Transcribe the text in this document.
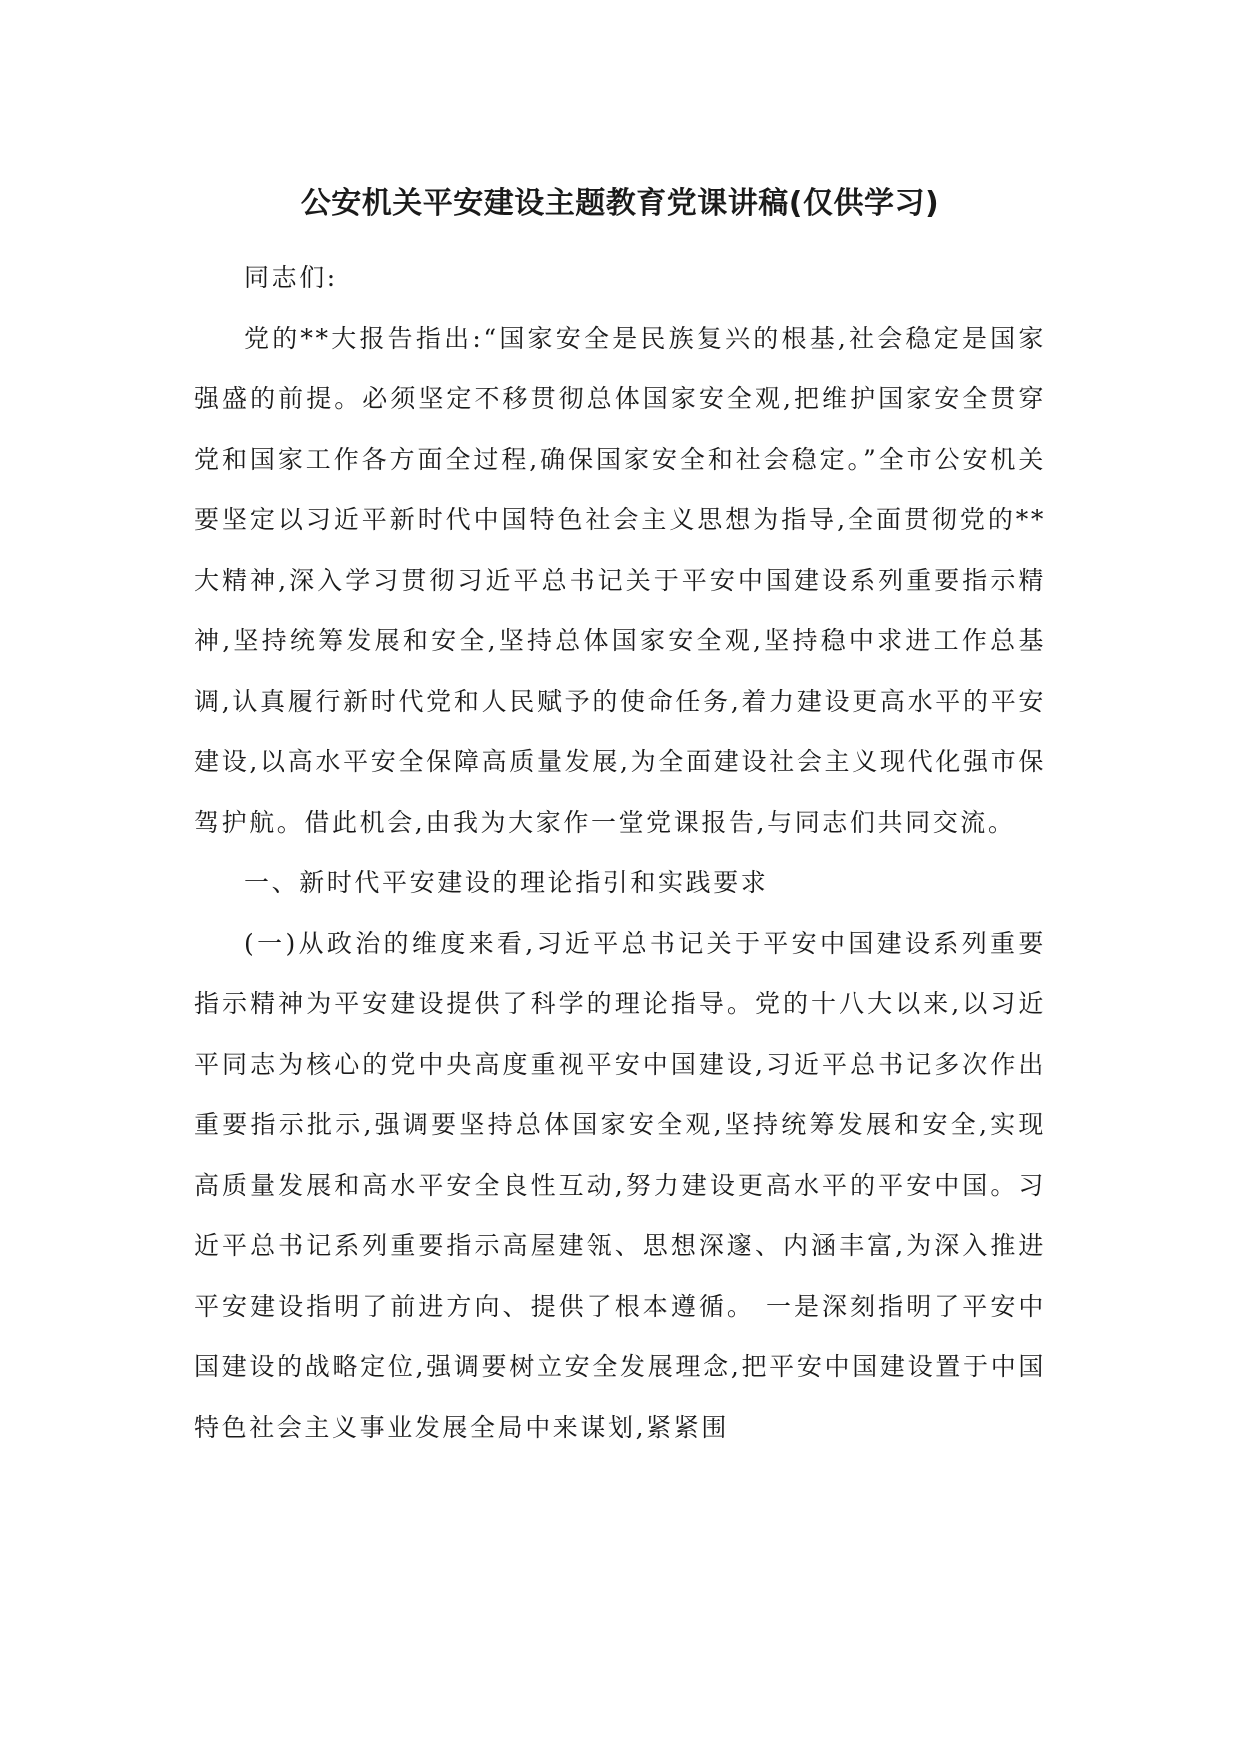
公安机关平安建设主题教育党课讲稿(仅供学习)

同志们:

党的**大报告指出:“国家安全是民族复兴的根基,社会稳定是国家强盛的前提。必须坚定不移贯彻总体国家安全观,把维护国家安全贯穿党和国家工作各方面全过程,确保国家安全和社会稳定。”全市公安机关要坚定以习近平新时代中国特色社会主义思想为指导,全面贯彻党的**大精神,深入学习贯彻习近平总书记关于平安中国建设系列重要指示精神,坚持统筹发展和安全,坚持总体国家安全观,坚持稳中求进工作总基调,认真履行新时代党和人民赋予的使命任务,着力建设更高水平的平安建设,以高水平安全保障高质量发展,为全面建设社会主义现代化强市保驾护航。借此机会,由我为大家作一堂党课报告,与同志们共同交流。

一、新时代平安建设的理论指引和实践要求

(一)从政治的维度来看,习近平总书记关于平安中国建设系列重要指示精神为平安建设提供了科学的理论指导。党的十八大以来,以习近平同志为核心的党中央高度重视平安中国建设,习近平总书记多次作出重要指示批示,强调要坚持总体国家安全观,坚持统筹发展和安全,实现高质量发展和高水平安全良性互动,努力建设更高水平的平安中国。习近平总书记系列重要指示高屋建瓴、思想深邃、内涵丰富,为深入推进平安建设指明了前进方向、提供了根本遵循。 一是深刻指明了平安中国建设的战略定位,强调要树立安全发展理念,把平安中国建设置于中国特色社会主义事业发展全局中来谋划,紧紧围
